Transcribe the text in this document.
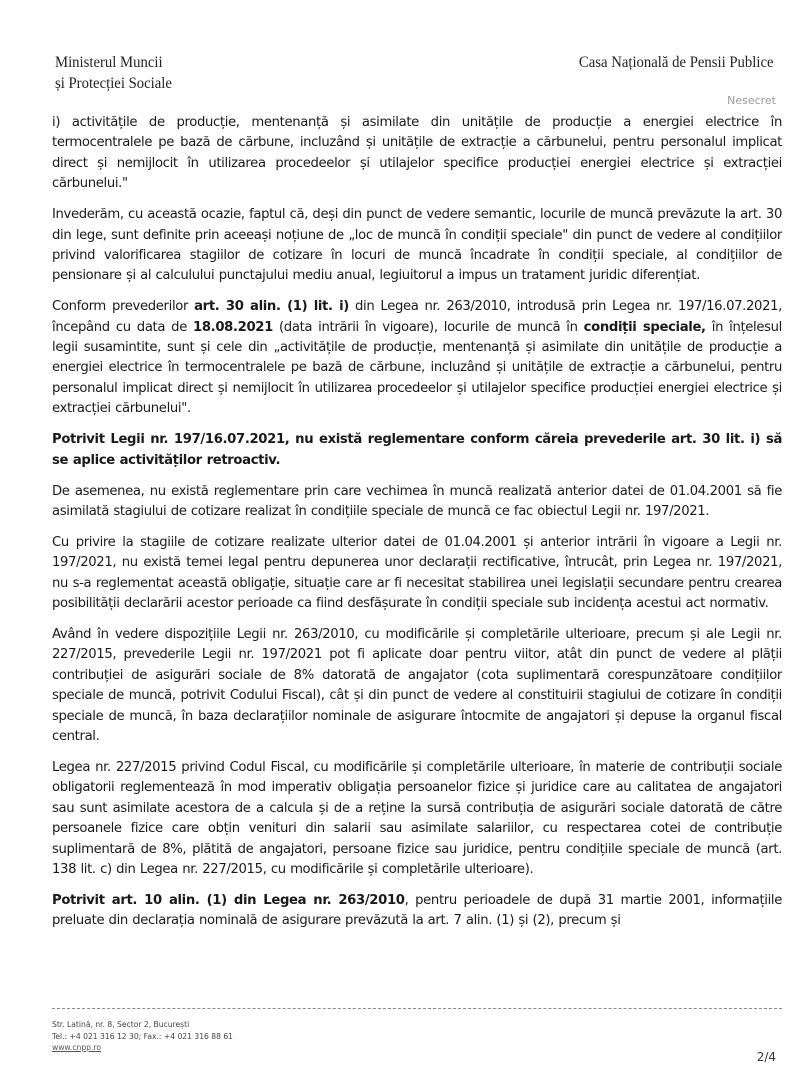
Ministerul Muncii
și Protecției Sociale
Casa Națională de Pensii Publice
Nesecret

i) activitățile de producție, mentenanță și asimilate din unitățile de producție a energiei electrice în termocentralele pe bază de cărbune, incluzând și unitățile de extracție a cărbunelui, pentru personalul implicat direct și nemijlocit în utilizarea procedeelor și utilajelor specifice producției energiei electrice și extracției cărbunelui."

Invederăm, cu această ocazie, faptul că, deși din punct de vedere semantic, locurile de muncă prevăzute la art. 30 din lege, sunt definite prin aceeași noțiune de „loc de muncă în condiții speciale" din punct de vedere al condițiilor privind valorificarea stagiilor de cotizare în locuri de muncă încadrate în condiții speciale, al condițiilor de pensionare și al calculului punctajului mediu anual, legiuitorul a impus un tratament juridic diferențiat.

Conform prevederilor art. 30 alin. (1) lit. i) din Legea nr. 263/2010, introdusă prin Legea nr. 197/16.07.2021, începând cu data de 18.08.2021 (data intrării în vigoare), locurile de muncă în condiții speciale, în înțelesul legii susamintite, sunt și cele din „activitățile de producție, mentenanță și asimilate din unitățile de producție a energiei electrice în termocentralele pe bază de cărbune, incluzând și unitățile de extracție a cărbunelui, pentru personalul implicat direct și nemijlocit în utilizarea procedeelor și utilajelor specifice producției energiei electrice și extracției cărbunelui".

Potrivit Legii nr. 197/16.07.2021, nu există reglementare conform căreia prevederile art. 30 lit. i) să se aplice activităților retroactiv.

De asemenea, nu există reglementare prin care vechimea în muncă realizată anterior datei de 01.04.2001 să fie asimilată stagiului de cotizare realizat în condițiile speciale de muncă ce fac obiectul Legii nr. 197/2021.

Cu privire la stagiile de cotizare realizate ulterior datei de 01.04.2001 și anterior intrării în vigoare a Legii nr. 197/2021, nu există temei legal pentru depunerea unor declarații rectificative, întrucât, prin Legea nr. 197/2021, nu s-a reglementat această obligație, situație care ar fi necesitat stabilirea unei legislații secundare pentru crearea posibilității declarării acestor perioade ca fiind desfășurate în condiții speciale sub incidența acestui act normativ.

Având în vedere dispozițiile Legii nr. 263/2010, cu modificările și completările ulterioare, precum și ale Legii nr. 227/2015, prevederile Legii nr. 197/2021 pot fi aplicate doar pentru viitor, atât din punct de vedere al plății contribuției de asigurări sociale de 8% datorată de angajator (cota suplimentară corespunzătoare condițiilor speciale de muncă, potrivit Codului Fiscal), cât și din punct de vedere al constituirii stagiului de cotizare în condiții speciale de muncă, în baza declarațiilor nominale de asigurare întocmite de angajatori și depuse la organul fiscal central.

Legea nr. 227/2015 privind Codul Fiscal, cu modificările și completările ulterioare, în materie de contribuții sociale obligatorii reglementează în mod imperativ obligația persoanelor fizice și juridice care au calitatea de angajatori sau sunt asimilate acestora de a calcula și de a reține la sursă contribuția de asigurări sociale datorată de către persoanele fizice care obțin venituri din salarii sau asimilate salariilor, cu respectarea cotei de contribuție suplimentară de 8%, plătită de angajatori, persoane fizice sau juridice, pentru condițiile speciale de muncă (art. 138 lit. c) din Legea nr. 227/2015, cu modificările și completările ulterioare).

Potrivit art. 10 alin. (1) din Legea nr. 263/2010, pentru perioadele de după 31 martie 2001, informațiile preluate din declarația nominală de asigurare prevăzută la art. 7 alin. (1) și (2), precum și

Str. Latină, nr. 8, Sector 2, București
Tel.: +4 021 316 12 30; Fax.: +4 021 316 88 61
www.cnpp.ro
2/4
